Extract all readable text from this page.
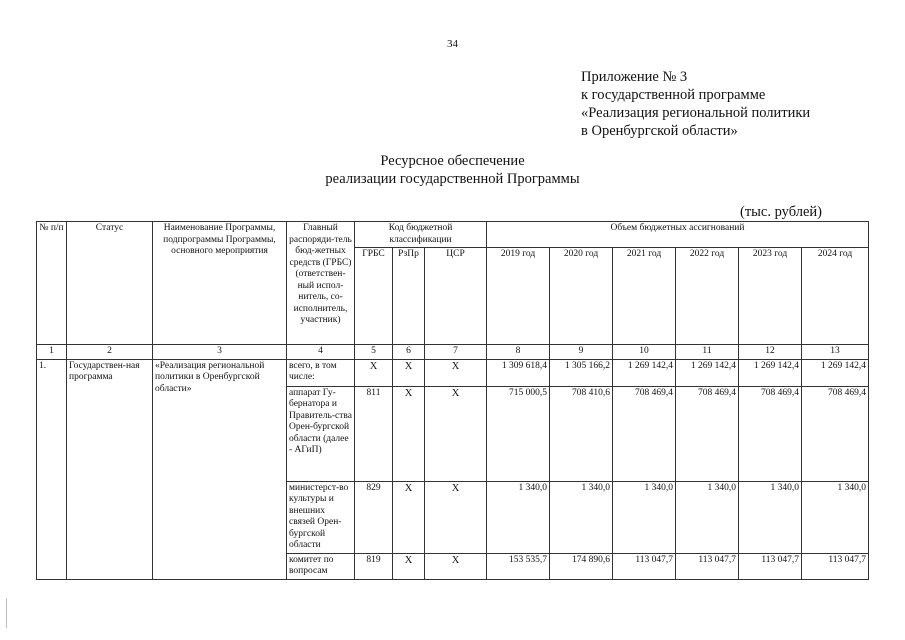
34
Приложение № 3
к государственной программе
«Реализация региональной политики
в Оренбургской области»
Ресурсное обеспечение
реализации государственной Программы
(тыс. рублей)
№ п/п	Статус	Наименование Программы, подпрограммы Программы, основного мероприятия	Главный распоряди-тель бюд-жетных средств (ГРБС) (ответствен-ный испол-нитель, со-исполнитель, участник)	Код бюджетной классификации			Объем бюджетных ассигнований					
				ГРБС	РзПр	ЦСР	2019 год	2020 год	2021 год	2022 год	2023 год	2024 год
1	2	3	4	5	6	7	8	9	10	11	12	13
1.	Государствен-ная программа	«Реализация региональной политики в Оренбургской области»	всего, в том числе:	X	X	X	1 309 618,4	1 305 166,2	1 269 142,4	1 269 142,4	1 269 142,4	1 269 142,4
			аппарат Гу-бернатора и Правитель-ства Орен-бургской области (далее - АГиП)	811	X	X	715 000,5	708 410,6	708 469,4	708 469,4	708 469,4	708 469,4
			министерст-во культуры и внешних связей Орен-бургской области	829	X	X	1 340,0	1 340,0	1 340,0	1 340,0	1 340,0	1 340,0
			комитет по вопросам	819	X	X	153 535,7	174 890,6	113 047,7	113 047,7	113 047,7	113 047,7
